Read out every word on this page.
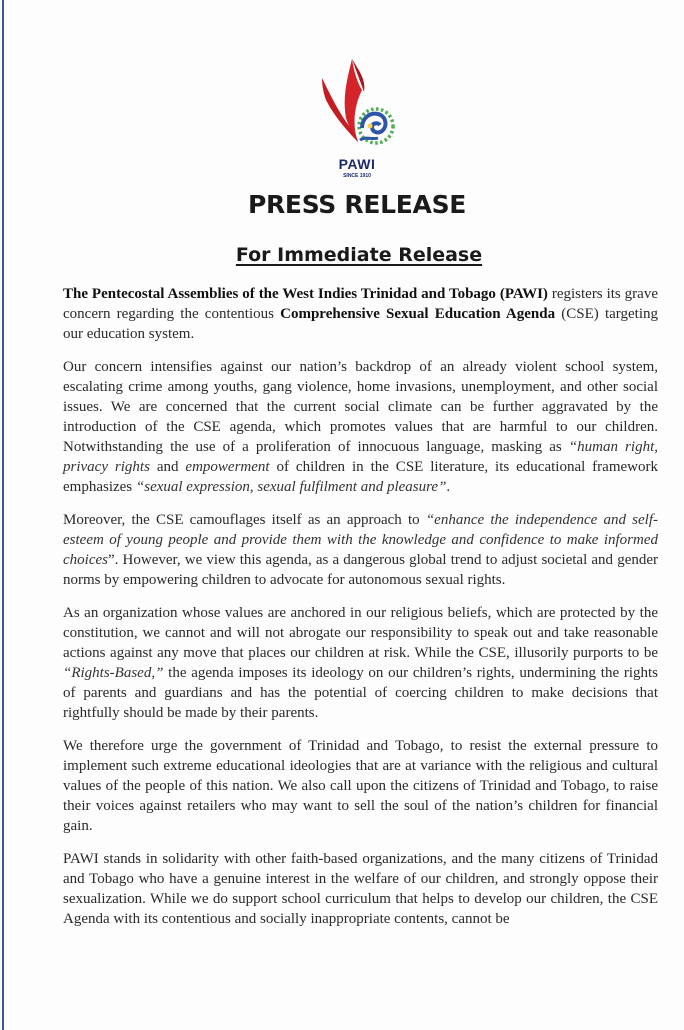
PAWI
SINCE 1910
PRESS RELEASE
For Immediate Release

The Pentecostal Assemblies of the West Indies Trinidad and Tobago (PAWI) registers its grave concern regarding the contentious Comprehensive Sexual Education Agenda (CSE) targeting our education system.

Our concern intensifies against our nation’s backdrop of an already violent school system, escalating crime among youths, gang violence, home invasions, unemployment, and other social issues. We are concerned that the current social climate can be further aggravated by the introduction of the CSE agenda, which promotes values that are harmful to our children. Notwithstanding the use of a proliferation of innocuous language, masking as “human right, privacy rights and empowerment of children in the CSE literature, its educational framework emphasizes “sexual expression, sexual fulfilment and pleasure”.

Moreover, the CSE camouflages itself as an approach to “enhance the independence and self-esteem of young people and provide them with the knowledge and confidence to make informed choices”. However, we view this agenda, as a dangerous global trend to adjust societal and gender norms by empowering children to advocate for autonomous sexual rights.

As an organization whose values are anchored in our religious beliefs, which are protected by the constitution, we cannot and will not abrogate our responsibility to speak out and take reasonable actions against any move that places our children at risk. While the CSE, illusorily purports to be “Rights-Based,” the agenda imposes its ideology on our children’s rights, undermining the rights of parents and guardians and has the potential of coercing children to make decisions that rightfully should be made by their parents.

We therefore urge the government of Trinidad and Tobago, to resist the external pressure to implement such extreme educational ideologies that are at variance with the religious and cultural values of the people of this nation. We also call upon the citizens of Trinidad and Tobago, to raise their voices against retailers who may want to sell the soul of the nation’s children for financial gain.

PAWI stands in solidarity with other faith-based organizations, and the many citizens of Trinidad and Tobago who have a genuine interest in the welfare of our children, and strongly oppose their sexualization. While we do support school curriculum that helps to develop our children, the CSE Agenda with its contentious and socially inappropriate contents, cannot be
